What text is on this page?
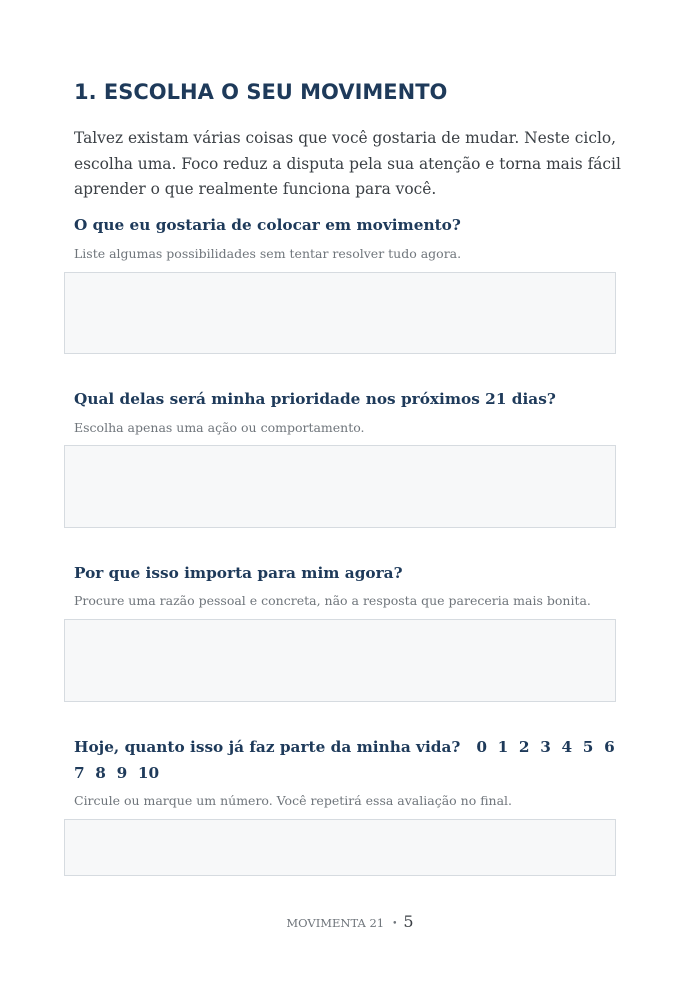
1. ESCOLHA O SEU MOVIMENTO

Talvez existam várias coisas que você gostaria de mudar. Neste ciclo, escolha uma. Foco reduz a disputa pela sua atenção e torna mais fácil aprender o que realmente funciona para você.

O que eu gostaria de colocar em movimento?

Liste algumas possibilidades sem tentar resolver tudo agora.

Qual delas será minha prioridade nos próximos 21 dias?

Escolha apenas uma ação ou comportamento.

Por que isso importa para mim agora?

Procure uma razão pessoal e concreta, não a resposta que pareceria mais bonita.

Hoje, quanto isso já faz parte da minha vida? 0  1  2  3  4  5  6  7  8  9  10

Circule ou marque um número. Você repetirá essa avaliação no final.

MOVIMENTA 21 • 5
